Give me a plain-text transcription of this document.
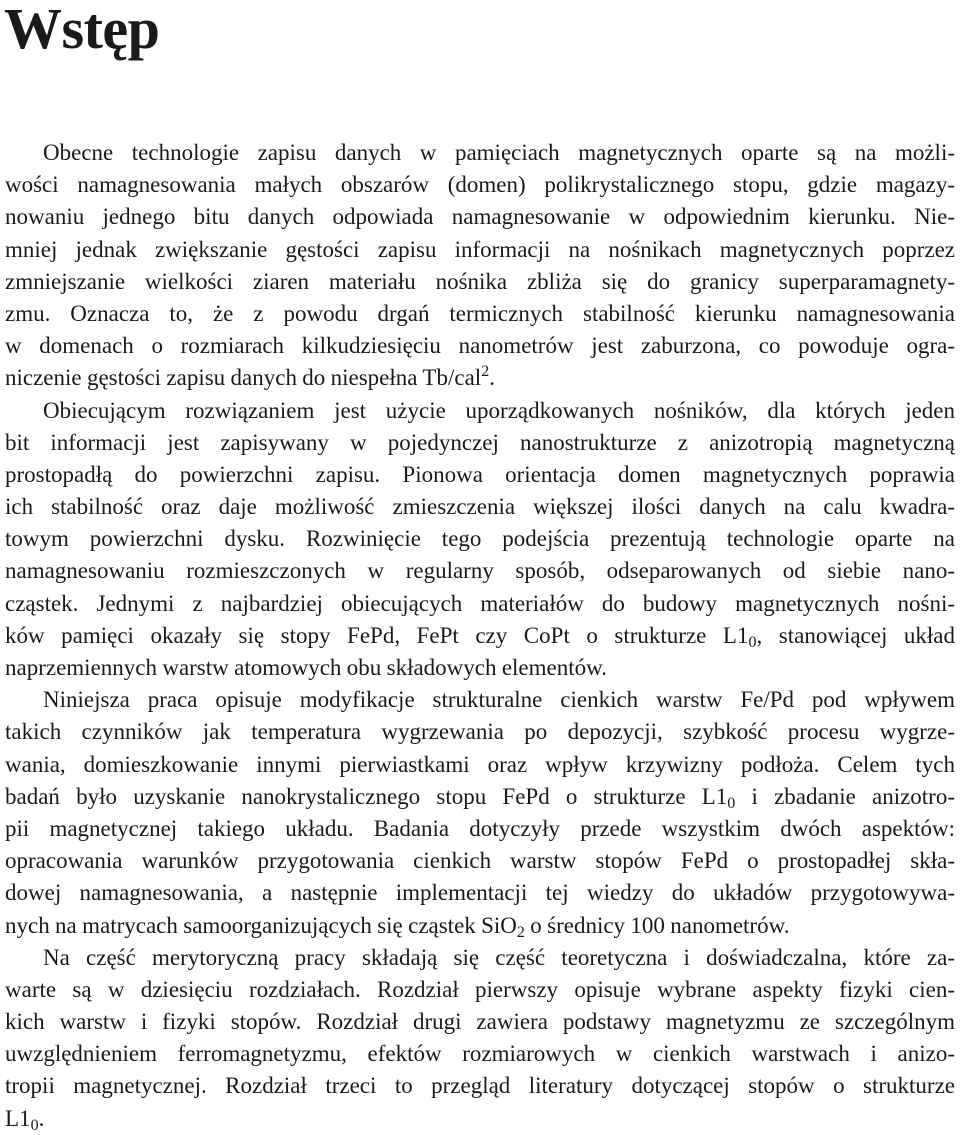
Wstęp
Obecne technologie zapisu danych w pamięciach magnetycznych oparte są na możli-
wości namagnesowania małych obszarów (domen) polikrystalicznego stopu, gdzie magazy-
nowaniu jednego bitu danych odpowiada namagnesowanie w odpowiednim kierunku. Nie-
mniej jednak zwiększanie gęstości zapisu informacji na nośnikach magnetycznych poprzez
zmniejszanie wielkości ziaren materiału nośnika zbliża się do granicy superparamagnety-
zmu. Oznacza to, że z powodu drgań termicznych stabilność kierunku namagnesowania
w domenach o rozmiarach kilkudziesięciu nanometrów jest zaburzona, co powoduje ogra-
niczenie gęstości zapisu danych do niespełna Tb/cal$^2$.
Obiecującym rozwiązaniem jest użycie uporządkowanych nośników, dla których jeden
bit informacji jest zapisywany w pojedynczej nanostrukturze z anizotropią magnetyczną
prostopadłą do powierzchni zapisu. Pionowa orientacja domen magnetycznych poprawia
ich stabilność oraz daje możliwość zmieszczenia większej ilości danych na calu kwadra-
towym powierzchni dysku. Rozwinięcie tego podejścia prezentują technologie oparte na
namagnesowaniu rozmieszczonych w regularny sposób, odseparowanych od siebie nano-
cząstek. Jednymi z najbardziej obiecujących materiałów do budowy magnetycznych nośni-
ków pamięci okazały się stopy FePd, FePt czy CoPt o strukturze $L1_0$, stanowiącej układ
naprzemiennych warstw atomowych obu składowych elementów.
Niniejsza praca opisuje modyfikacje strukturalne cienkich warstw Fe/Pd pod wpływem
takich czynników jak temperatura wygrzewania po depozycji, szybkość procesu wygrze-
wania, domieszkowanie innymi pierwiastkami oraz wpływ krzywizny podłoża. Celem tych
badań było uzyskanie nanokrystalicznego stopu FePd o strukturze $L1_0$ i zbadanie anizotro-
pii magnetycznej takiego układu. Badania dotyczyły przede wszystkim dwóch aspektów:
opracowania warunków przygotowania cienkich warstw stopów FePd o prostopadłej skła-
dowej namagnesowania, a następnie implementacji tej wiedzy do układów przygotowywa-
nych na matrycach samoorganizujących się cząstek SiO$_2$ o średnicy 100 nanometrów.
Na część merytoryczną pracy składają się część teoretyczna i doświadczalna, które za-
warte są w dziesięciu rozdziałach. Rozdział pierwszy opisuje wybrane aspekty fizyki cien-
kich warstw i fizyki stopów. Rozdział drugi zawiera podstawy magnetyzmu ze szczególnym
uwzględnieniem ferromagnetyzmu, efektów rozmiarowych w cienkich warstwach i anizo-
tropii magnetycznej. Rozdział trzeci to przegląd literatury dotyczącej stopów o strukturze
$L1_0$.
